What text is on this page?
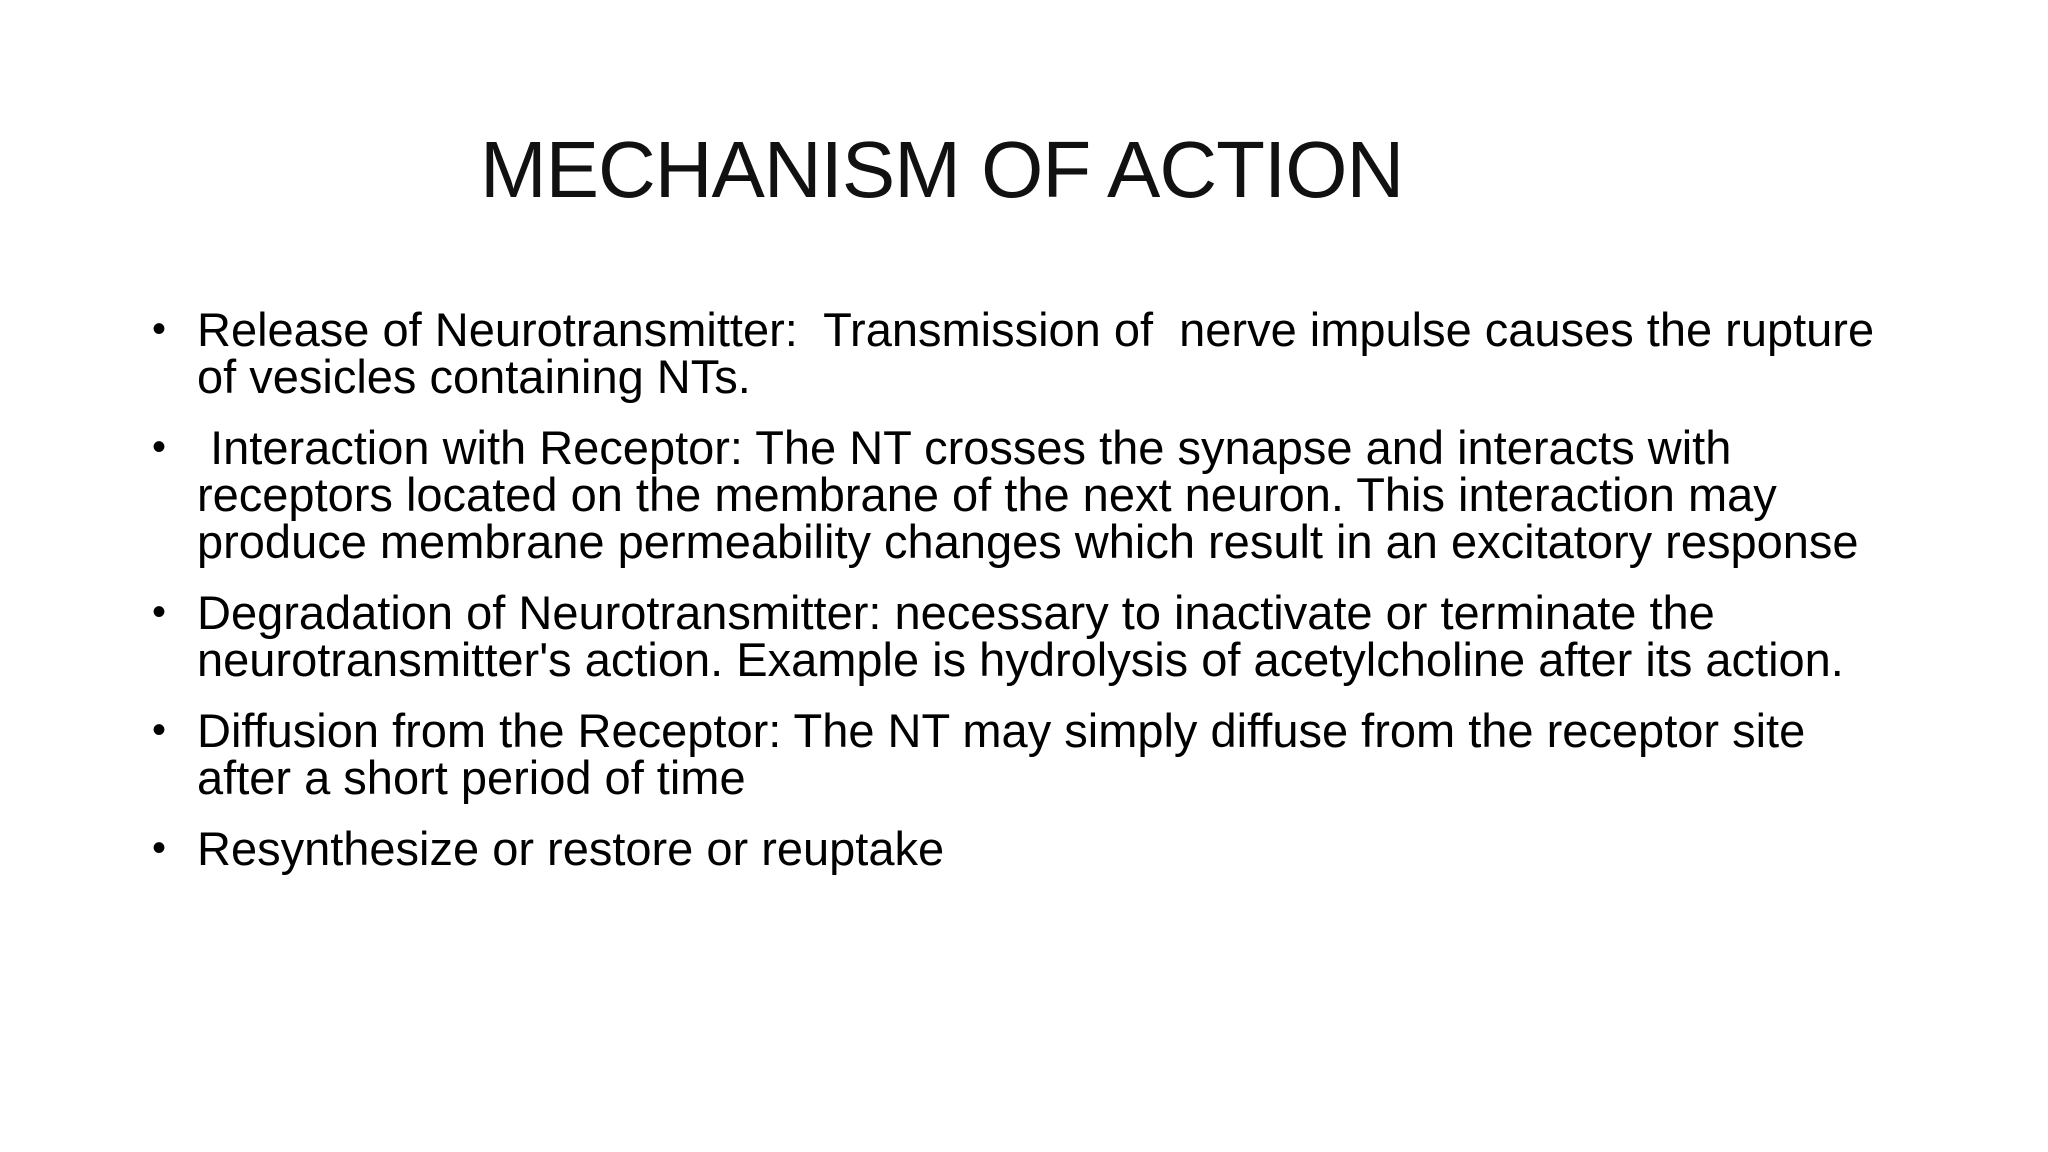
MECHANISM OF ACTION
• Release of Neurotransmitter:  Transmission of  nerve impulse causes the rupture of vesicles containing NTs.
• Interaction with Receptor: The NT crosses the synapse and interacts with receptors located on the membrane of the next neuron. This interaction may produce membrane permeability changes which result in an excitatory response
• Degradation of Neurotransmitter: necessary to inactivate or terminate the neurotransmitter's action. Example is hydrolysis of acetylcholine after its action.
• Diffusion from the Receptor: The NT may simply diffuse from the receptor site after a short period of time
• Resynthesize or restore or reuptake
